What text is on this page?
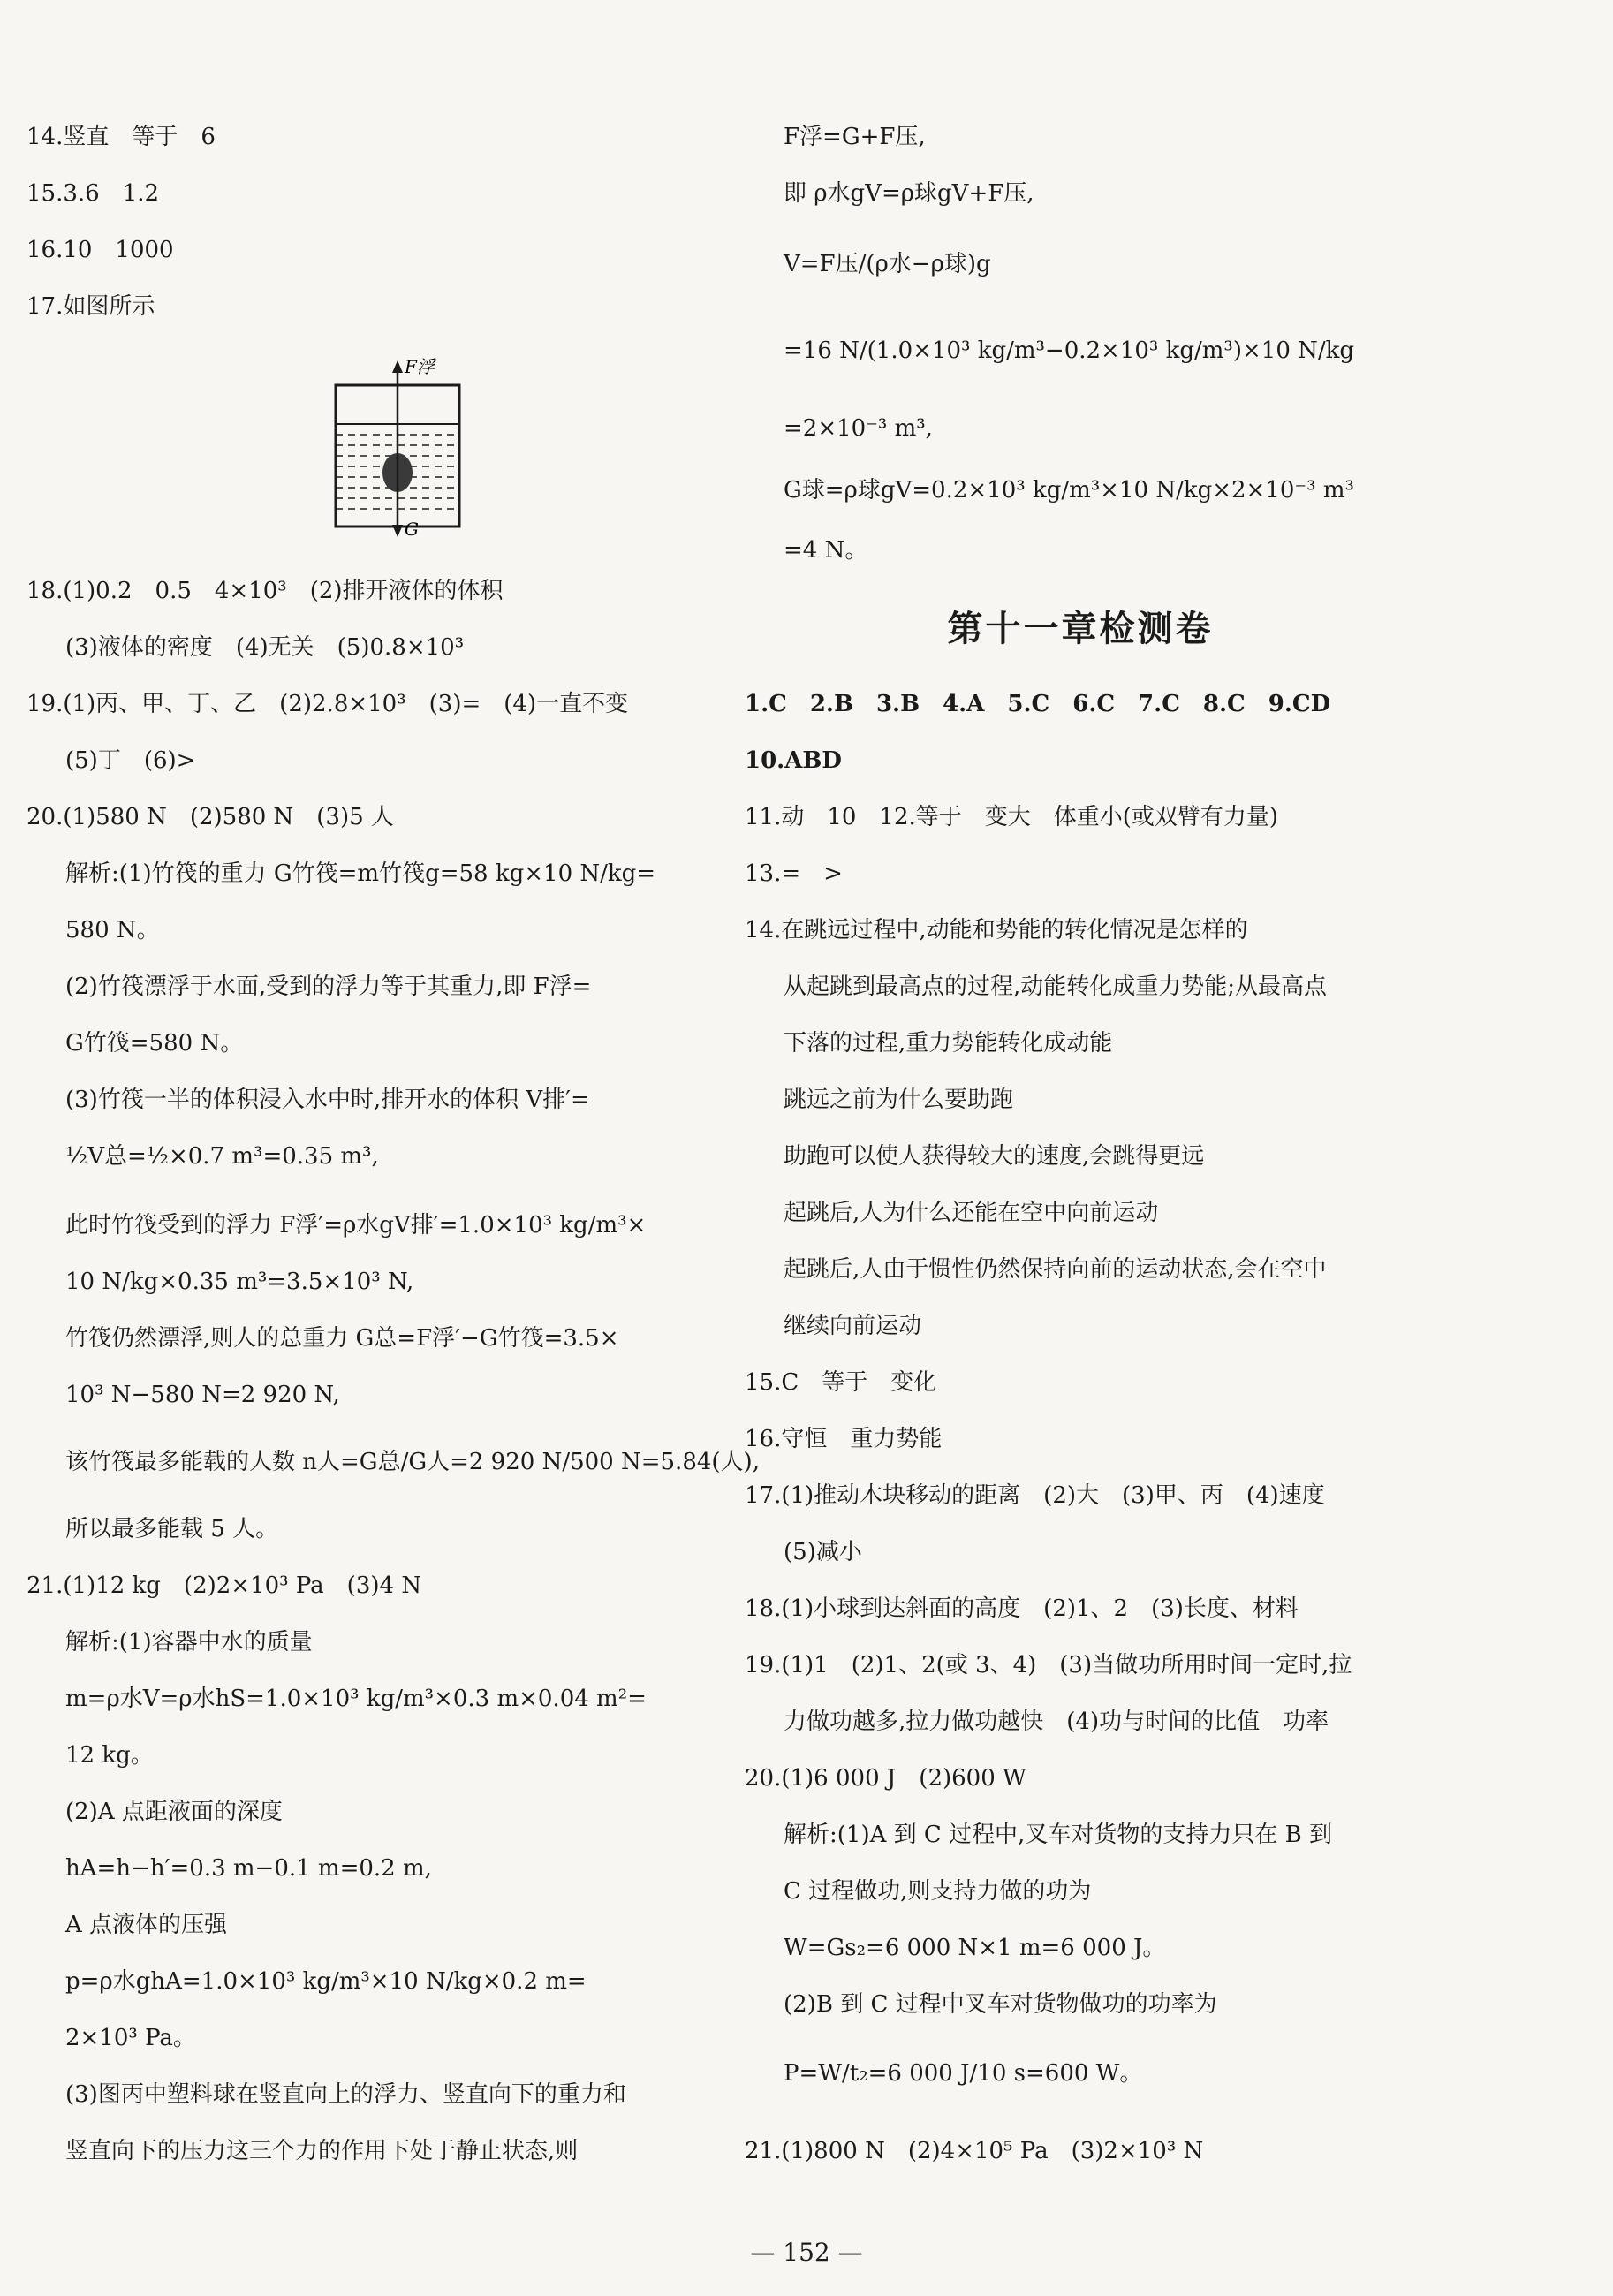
14.竖直　等于　6
15.3.6　1.2
16.10　1000
17.如图所示
F浮
G
18.(1)0.2　0.5　4×10³　(2)排开液体的体积
(3)液体的密度　(4)无关　(5)0.8×10³
19.(1)丙、甲、丁、乙　(2)2.8×10³　(3)=　(4)一直不变
(5)丁　(6)>
20.(1)580 N　(2)580 N　(3)5 人
解析:(1)竹筏的重力 G竹筏=m竹筏g=58 kg×10 N/kg=
580 N。
(2)竹筏漂浮于水面,受到的浮力等于其重力,即 F浮=
G竹筏=580 N。
(3)竹筏一半的体积浸入水中时,排开水的体积 V排′=
½V总=½×0.7 m³=0.35 m³,
此时竹筏受到的浮力 F浮′=ρ水gV排′=1.0×10³ kg/m³×
10 N/kg×0.35 m³=3.5×10³ N,
竹筏仍然漂浮,则人的总重力 G总=F浮′−G竹筏=3.5×
10³ N−580 N=2 920 N,
该竹筏最多能载的人数 n人=G总/G人=2 920 N/500 N=5.84(人),
所以最多能载 5 人。
21.(1)12 kg　(2)2×10³ Pa　(3)4 N
解析:(1)容器中水的质量
m=ρ水V=ρ水hS=1.0×10³ kg/m³×0.3 m×0.04 m²=
12 kg。
(2)A 点距液面的深度
hA=h−h′=0.3 m−0.1 m=0.2 m,
A 点液体的压强
p=ρ水ghA=1.0×10³ kg/m³×10 N/kg×0.2 m=
2×10³ Pa。
(3)图丙中塑料球在竖直向上的浮力、竖直向下的重力和
竖直向下的压力这三个力的作用下处于静止状态,则
F浮=G+F压,
即 ρ水gV=ρ球gV+F压,
V=F压/(ρ水−ρ球)g
=16 N/(1.0×10³ kg/m³−0.2×10³ kg/m³)×10 N/kg
=2×10⁻³ m³,
G球=ρ球gV=0.2×10³ kg/m³×10 N/kg×2×10⁻³ m³
=4 N。
第十一章检测卷
1.C　2.B　3.B　4.A　5.C　6.C　7.C　8.C　9.CD
10.ABD
11.动　10　12.等于　变大　体重小(或双臂有力量)
13.=　>
14.在跳远过程中,动能和势能的转化情况是怎样的
从起跳到最高点的过程,动能转化成重力势能;从最高点
下落的过程,重力势能转化成动能
跳远之前为什么要助跑
助跑可以使人获得较大的速度,会跳得更远
起跳后,人为什么还能在空中向前运动
起跳后,人由于惯性仍然保持向前的运动状态,会在空中
继续向前运动
15.C　等于　变化
16.守恒　重力势能
17.(1)推动木块移动的距离　(2)大　(3)甲、丙　(4)速度
(5)减小
18.(1)小球到达斜面的高度　(2)1、2　(3)长度、材料
19.(1)1　(2)1、2(或 3、4)　(3)当做功所用时间一定时,拉
力做功越多,拉力做功越快　(4)功与时间的比值　功率
20.(1)6 000 J　(2)600 W
解析:(1)A 到 C 过程中,叉车对货物的支持力只在 B 到
C 过程做功,则支持力做的功为
W=Gs₂=6 000 N×1 m=6 000 J。
(2)B 到 C 过程中叉车对货物做功的功率为
P=W/t₂=6 000 J/10 s=600 W。
21.(1)800 N　(2)4×10⁵ Pa　(3)2×10³ N
— 152 —
